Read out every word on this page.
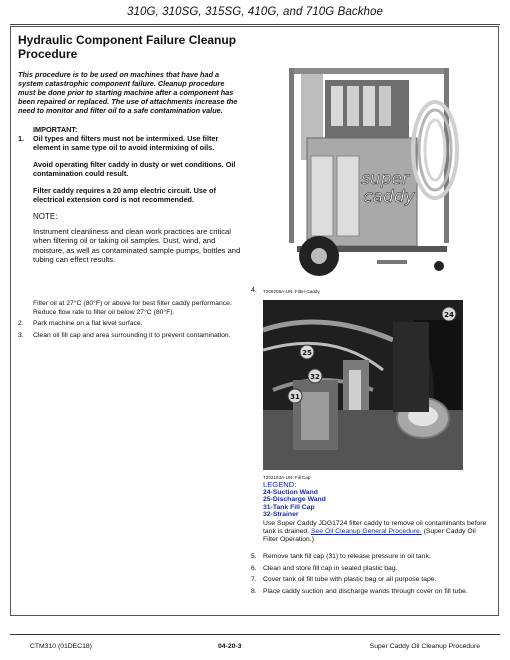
310G, 310SG, 315SG, 410G, and 710G Backhoe
Hydraulic Component Failure Cleanup Procedure
This procedure is to be used on machines that have had a system catastrophic component failure. Cleanup procedure must be done prior to starting machine after a component has been repaired or replaced. The use of attachments increase the need to monitor and filter oil to a safe contamination value.
IMPORTANT:
1.	Oil types and filters must not be intermixed. Use filter element in same type oil to avoid intermixing of oils.
Avoid operating filter caddy in dusty or wet conditions. Oil contamination could result.
Filter caddy requires a 20 amp electric circuit. Use of electrical extension cord is not recommended.
NOTE:
Instrument cleanliness and clean work practices are critical when filtering oil or taking oil samples. Dust, wind, and moisture, as well as contaminated sample pumps, bottles and tubing can effect results.
Filter oil at 27°C (80°F) or above for best filter caddy performance. Reduce flow rate to filter oil below 27°C (80°F).
2.	Park machine on a flat level surface.
3.	Clean oil fill cap and area surrounding it to prevent contamination.
super
caddy
4. T206209A-UN: Filter Caddy
24
25
32
31
T202153A-UN: Fill Cap
LEGEND:
24-Suction Wand
25-Discharge Wand
31-Tank Fill Cap
32-Strainer
Use Super Caddy JDG1724 filter caddy to remove oil contaminants before tank is drained. See Oil Cleanup General Procedure. (Super Caddy Oil Filter Operation.)
5. Remove tank fill cap (31) to release pressure in oil tank.
6. Clean and store fill cap in sealed plastic bag.
7. Cover tank oil fill tube with plastic bag or all purpose tape.
8. Place caddy suction and discharge wands through cover on fill tube.
CTM310 (01DEC18)	04-20-3	Super Caddy Oil Cleanup Procedure
